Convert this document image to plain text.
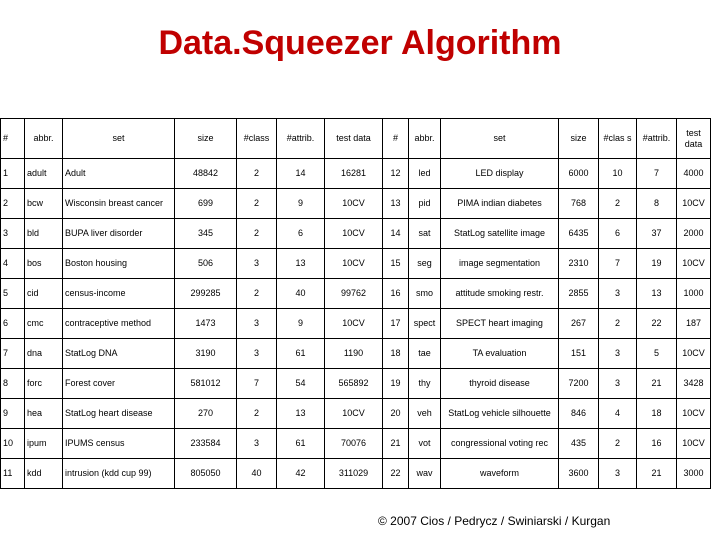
Data.Squeezer Algorithm
#	abbr.	set	size	#class	#attrib.	test data	#	abbr.	set	size	#clas s	#attrib.	test data
1	adult	Adult	48842	2	14	16281	12	led	LED display	6000	10	7	4000
2	bcw	Wisconsin breast cancer	699	2	9	10CV	13	pid	PIMA indian diabetes	768	2	8	10CV
3	bld	BUPA liver disorder	345	2	6	10CV	14	sat	StatLog satellite image	6435	6	37	2000
4	bos	Boston housing	506	3	13	10CV	15	seg	image segmentation	2310	7	19	10CV
5	cid	census-income	299285	2	40	99762	16	smo	attitude smoking restr.	2855	3	13	1000
6	cmc	contraceptive method	1473	3	9	10CV	17	spect	SPECT heart imaging	267	2	22	187
7	dna	StatLog DNA	3190	3	61	1190	18	tae	TA evaluation	151	3	5	10CV
8	forc	Forest cover	581012	7	54	565892	19	thy	thyroid disease	7200	3	21	3428
9	hea	StatLog heart disease	270	2	13	10CV	20	veh	StatLog vehicle silhouette	846	4	18	10CV
10	ipum	IPUMS census	233584	3	61	70076	21	vot	congressional voting rec	435	2	16	10CV
11	kdd	intrusion (kdd cup 99)	805050	40	42	311029	22	wav	waveform	3600	3	21	3000
© 2007 Cios / Pedrycz / Swiniarski / Kurgan
